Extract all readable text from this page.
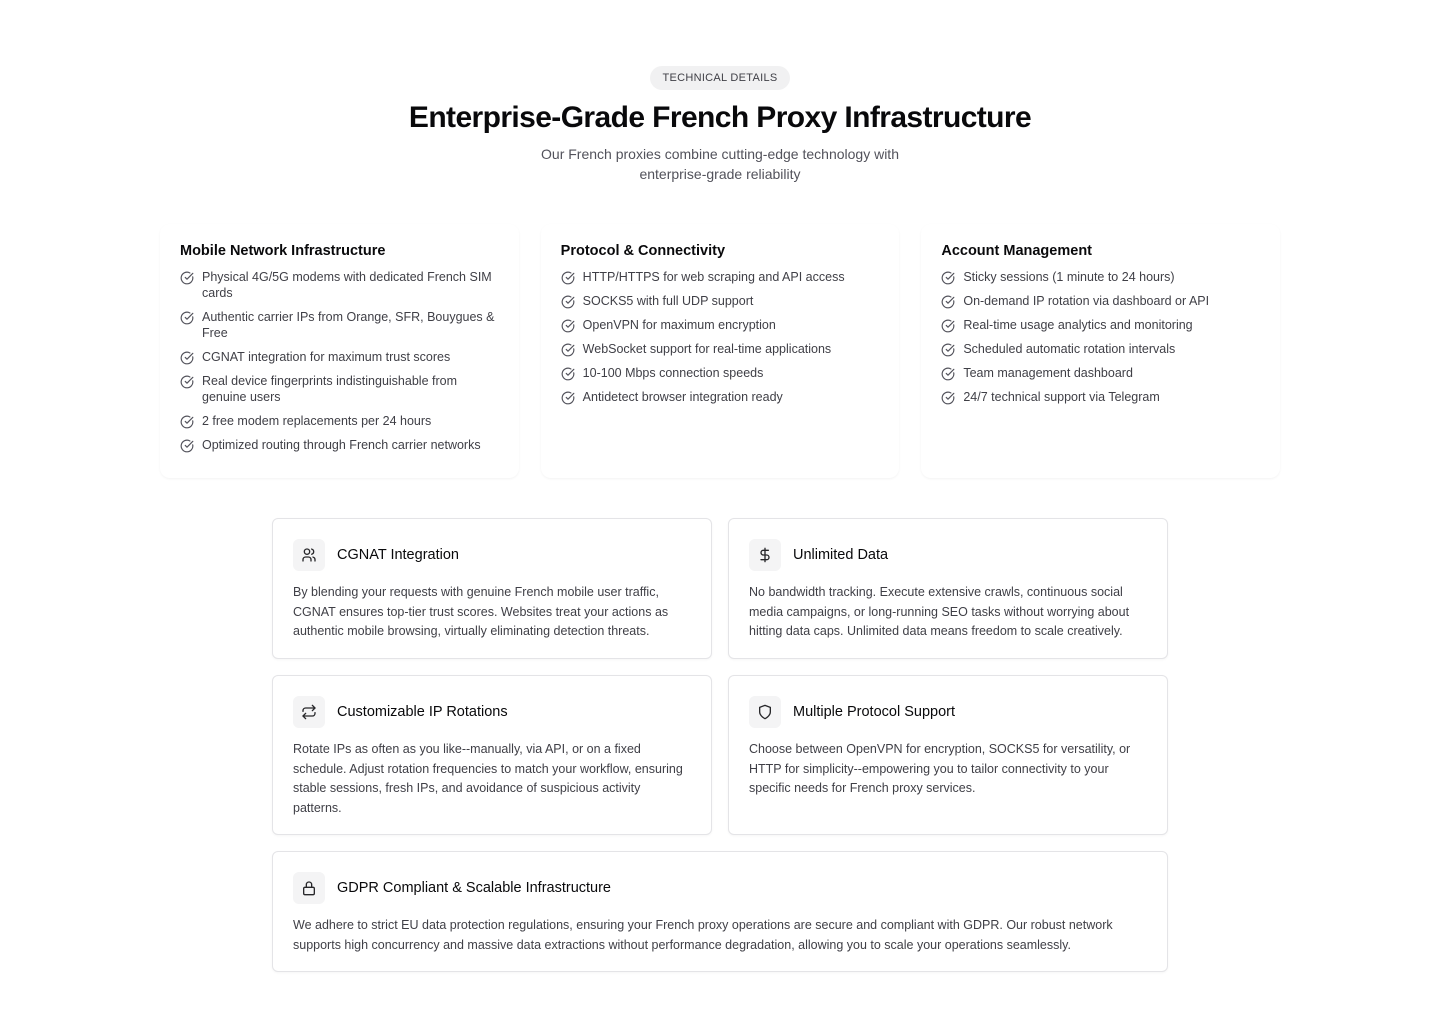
TECHNICAL DETAILS
Enterprise-Grade French Proxy Infrastructure

Our French proxies combine cutting-edge technology with enterprise-grade reliability

Mobile Network Infrastructure
Physical 4G/5G modems with dedicated French SIM cards
Authentic carrier IPs from Orange, SFR, Bouygues & Free
CGNAT integration for maximum trust scores
Real device fingerprints indistinguishable from genuine users
2 free modem replacements per 24 hours
Optimized routing through French carrier networks
Protocol & Connectivity
HTTP/HTTPS for web scraping and API access
SOCKS5 with full UDP support
OpenVPN for maximum encryption
WebSocket support for real-time applications
10-100 Mbps connection speeds
Antidetect browser integration ready
Account Management
Sticky sessions (1 minute to 24 hours)
On-demand IP rotation via dashboard or API
Real-time usage analytics and monitoring
Scheduled automatic rotation intervals
Team management dashboard
24/7 technical support via Telegram
CGNAT Integration

By blending your requests with genuine French mobile user traffic, CGNAT ensures top-tier trust scores. Websites treat your actions as authentic mobile browsing, virtually eliminating detection threats.

Unlimited Data

No bandwidth tracking. Execute extensive crawls, continuous social media campaigns, or long-running SEO tasks without worrying about hitting data caps. Unlimited data means freedom to scale creatively.

Customizable IP Rotations

Rotate IPs as often as you like--manually, via API, or on a fixed schedule. Adjust rotation frequencies to match your workflow, ensuring stable sessions, fresh IPs, and avoidance of suspicious activity patterns.

Multiple Protocol Support

Choose between OpenVPN for encryption, SOCKS5 for versatility, or HTTP for simplicity--empowering you to tailor connectivity to your specific needs for French proxy services.

GDPR Compliant & Scalable Infrastructure

We adhere to strict EU data protection regulations, ensuring your French proxy operations are secure and compliant with GDPR. Our robust network supports high concurrency and massive data extractions without performance degradation, allowing you to scale your operations seamlessly.
